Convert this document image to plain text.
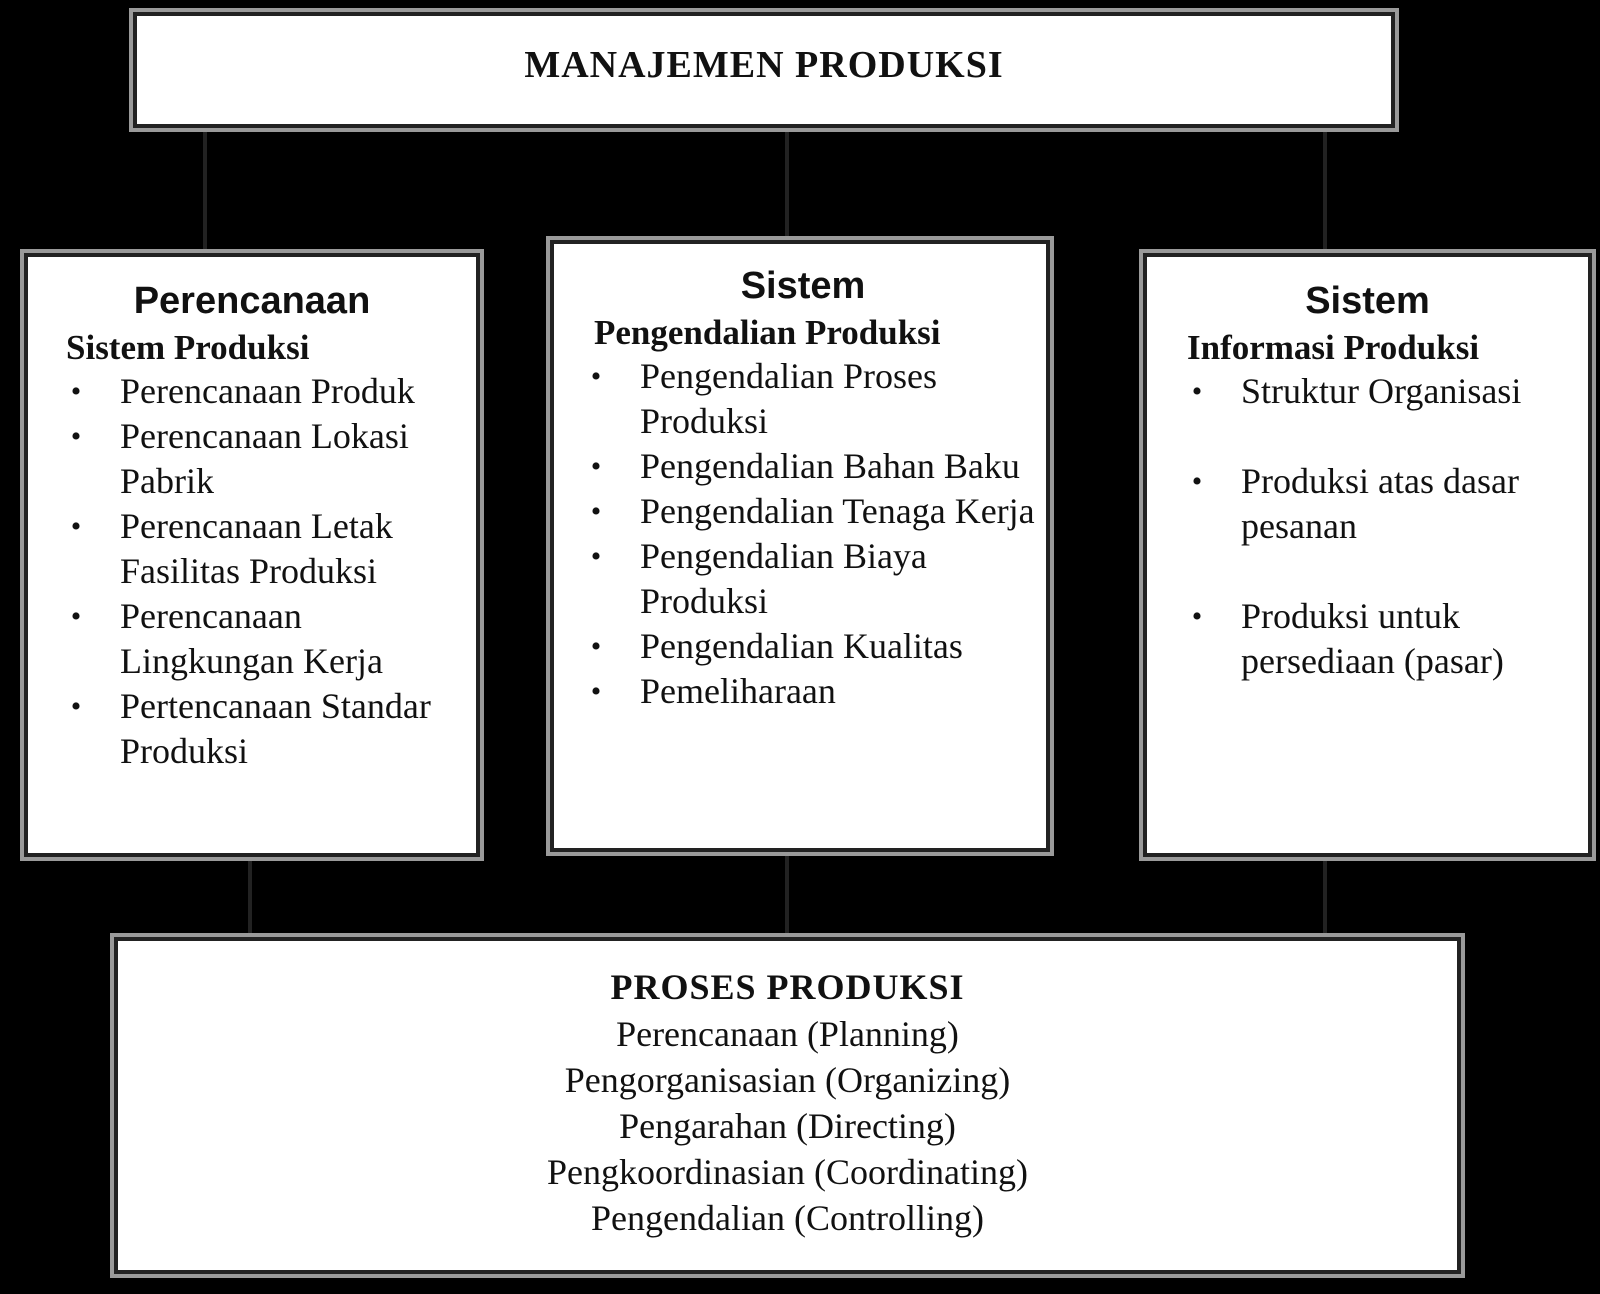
MANAJEMEN PRODUKSI
Perencanaan
Sistem Produksi
• Perencanaan Produk
• Perencanaan Lokasi Pabrik
• Perencanaan Letak Fasilitas Produksi
• Perencanaan Lingkungan Kerja
• Pertencanaan Standar Produksi
Sistem
Pengendalian Produksi
• Pengendalian Proses Produksi
• Pengendalian Bahan Baku
• Pengendalian Tenaga Kerja
• Pengendalian Biaya Produksi
• Pengendalian Kualitas
• Pemeliharaan
Sistem
Informasi Produksi
• Struktur Organisasi
• Produksi atas dasar pesanan
• Produksi untuk persediaan (pasar)
PROSES PRODUKSI
Perencanaan (Planning)
Pengorganisasian (Organizing)
Pengarahan (Directing)
Pengkoordinasian (Coordinating)
Pengendalian (Controlling)
